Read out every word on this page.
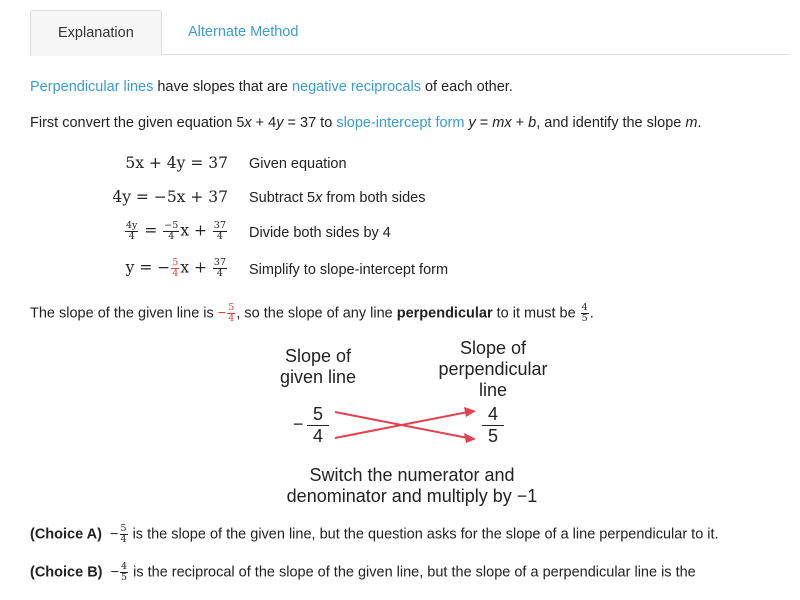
Explanation	Alternate Method
Perpendicular lines have slopes that are negative reciprocals of each other.
First convert the given equation 5x + 4y = 37 to slope-intercept form y = mx + b, and identify the slope m.
5x + 4y = 37 Given equation
4y = −5x + 37 Subtract 5x from both sides
$\frac{4y}{4} = \frac{-5}{4}$ $x + \frac{37}{4}$ Divide both sides by 4
y = − $\frac{5}{4}$ $x + \frac{37}{4}$ Simplify to slope-intercept form
The slope of the given line is − $\frac{5}{4}$ , so the slope of any line perpendicular to it must be $\frac{4}{5}$ .
Slope of
given line
Slope of
perpendicular
line
− $\frac{5}{4}$	$\frac{4}{5}$
Switch the numerator and
denominator and multiply by −1
(Choice $A) - \frac{5}{4}$ is the slope of the given line, but the question asks for the slope of a line perpendicular to it.
(Choice $B) - \frac{4}{5}$ is the reciprocal of the slope of the given line, but the slope of a perpendicular line is the
